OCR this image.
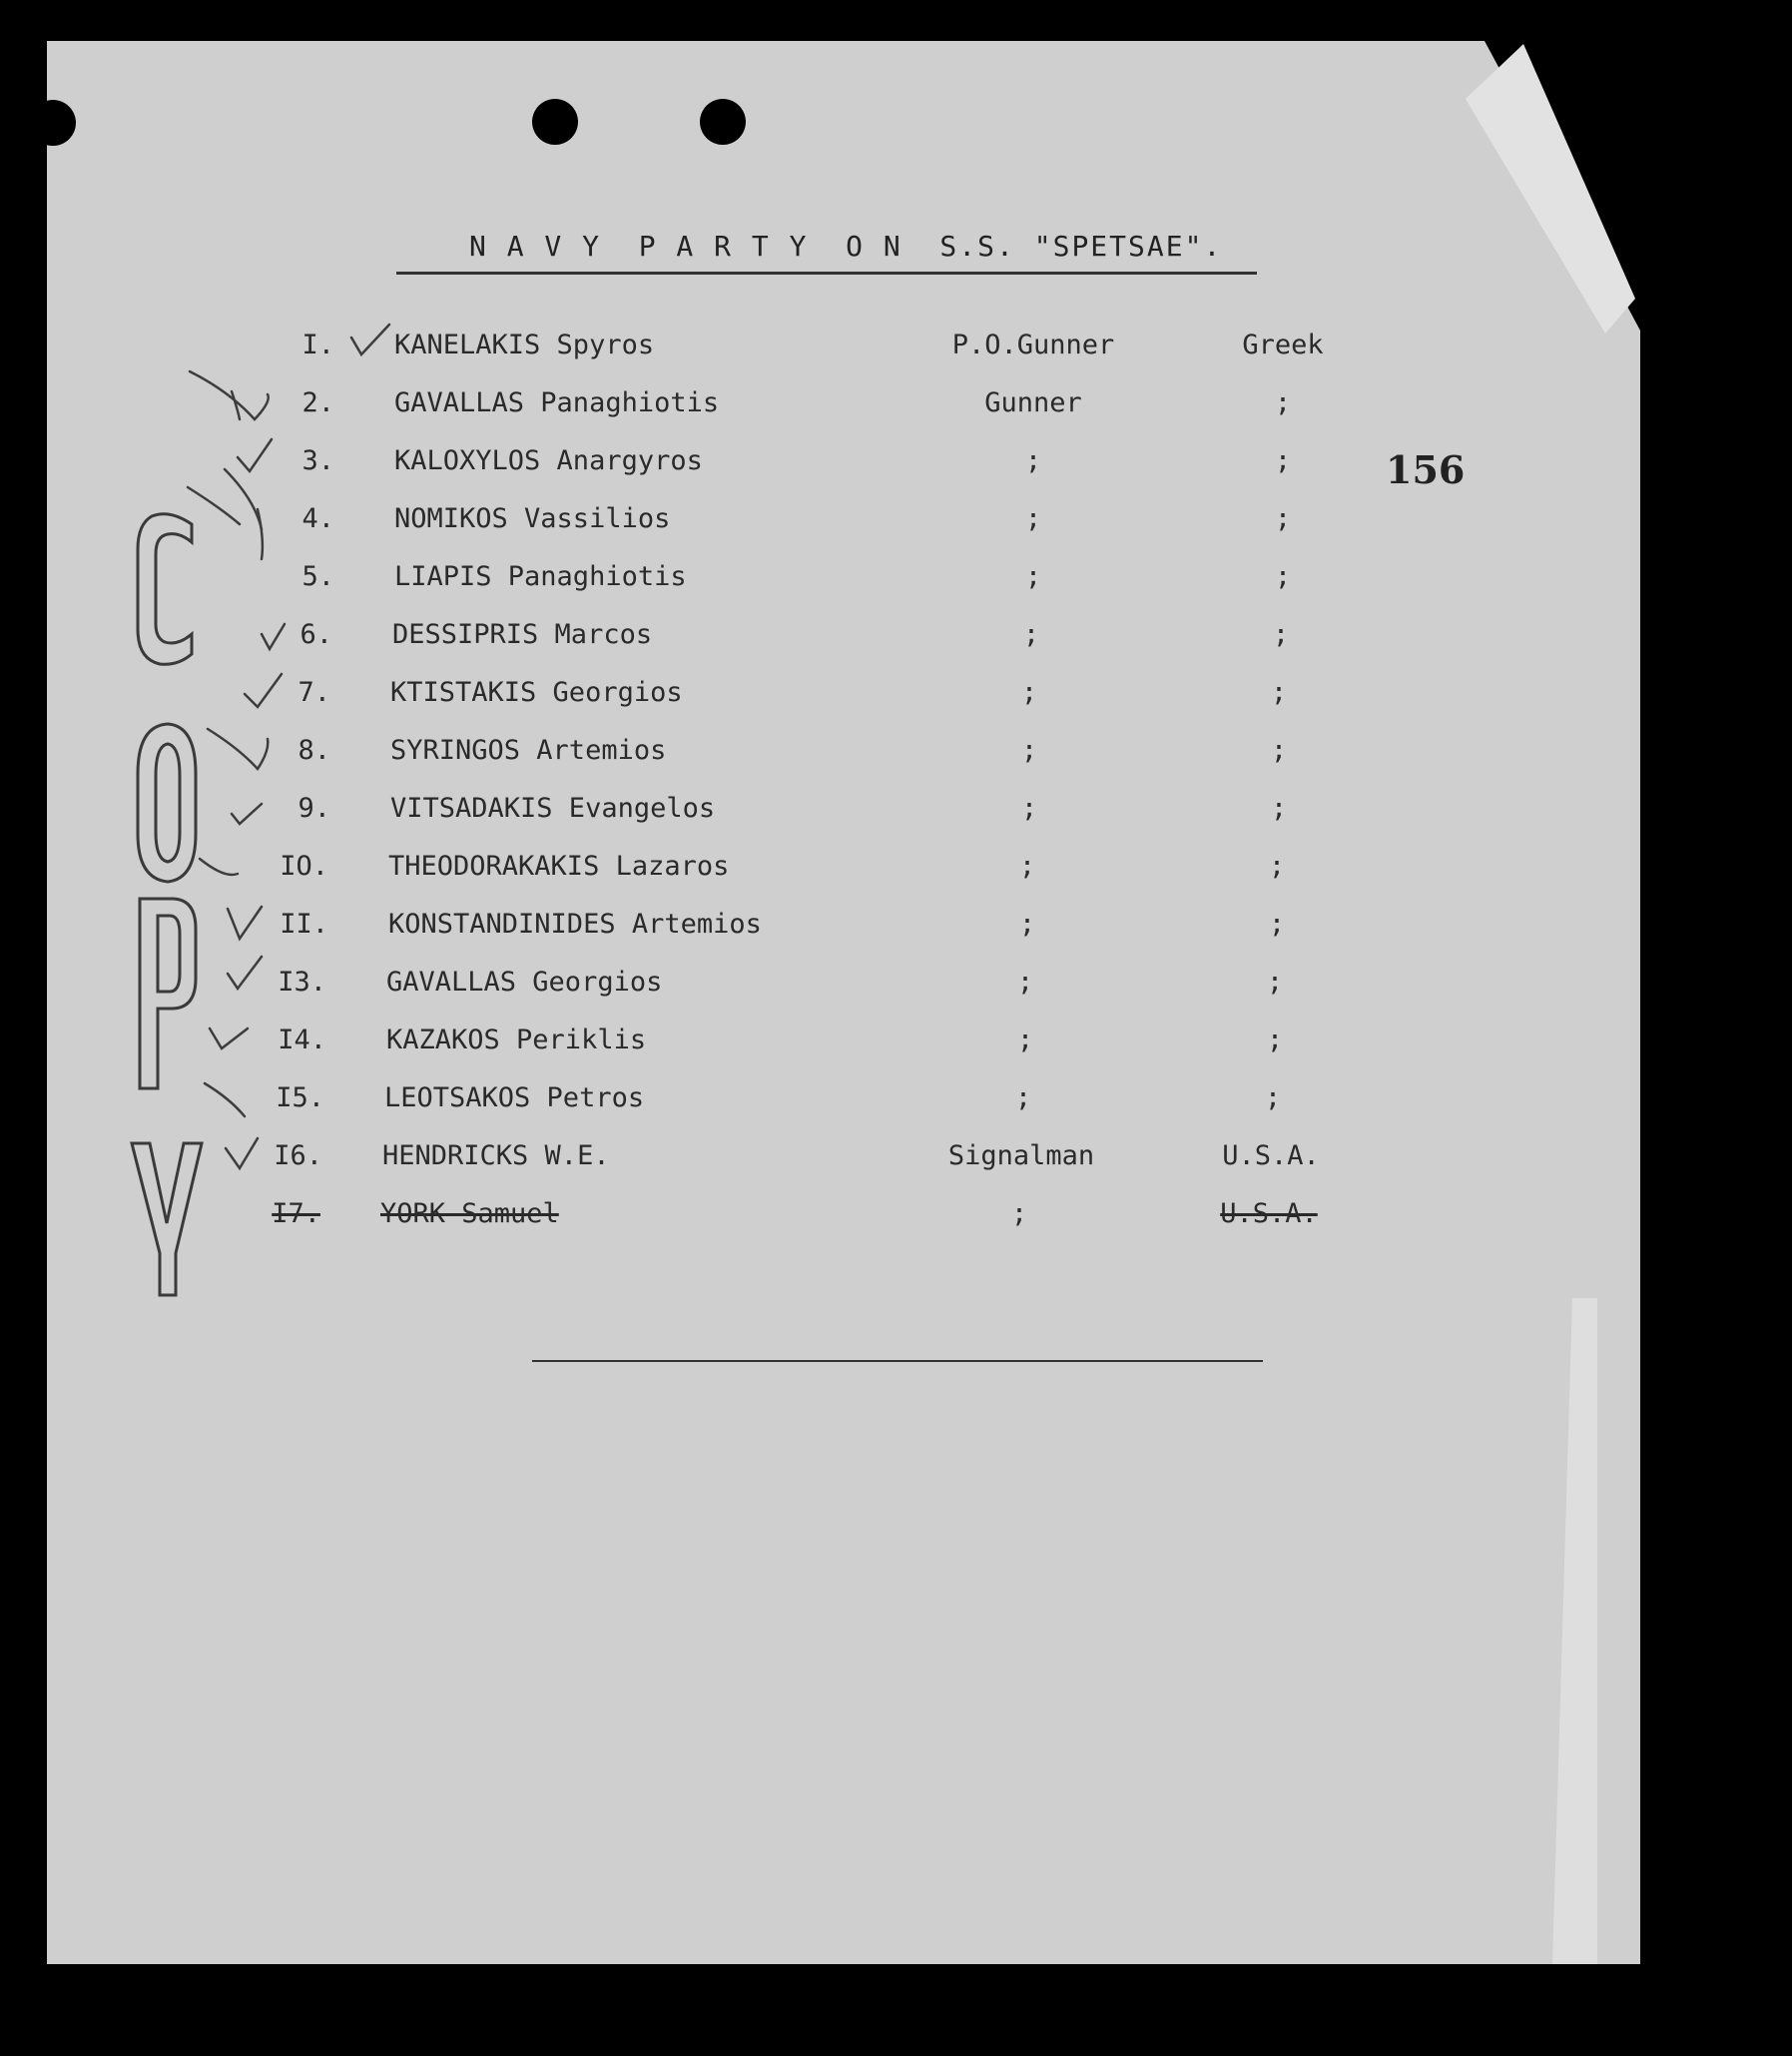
N A V Y  P A R T Y  O N  S.S. "SPETSAE".
156
I. KANELAKIS Spyros	P.O.Gunner	Greek
2. GAVALLAS Panaghiotis	Gunner	;
3. KALOXYLOS Anargyros	;	;
4. NOMIKOS Vassilios	;	;
5. LIAPIS Panaghiotis	;	;
6. DESSIPRIS Marcos	;	;
7. KTISTAKIS Georgios	;	;
8. SYRINGOS Artemios	;	;
9. VITSADAKIS Evangelos	;	;
IO. THEODORAKAKIS Lazaros	;	;
II. KONSTANDINIDES Artemios	;	;
I3. GAVALLAS Georgios	;	;
I4. KAZAKOS Periklis	;	;
I5. LEOTSAKOS Petros	;	;
I6. HENDRICKS W.E.	Signalman	U.S.A.
I7. YORK Samuel	;	U.S.A.
